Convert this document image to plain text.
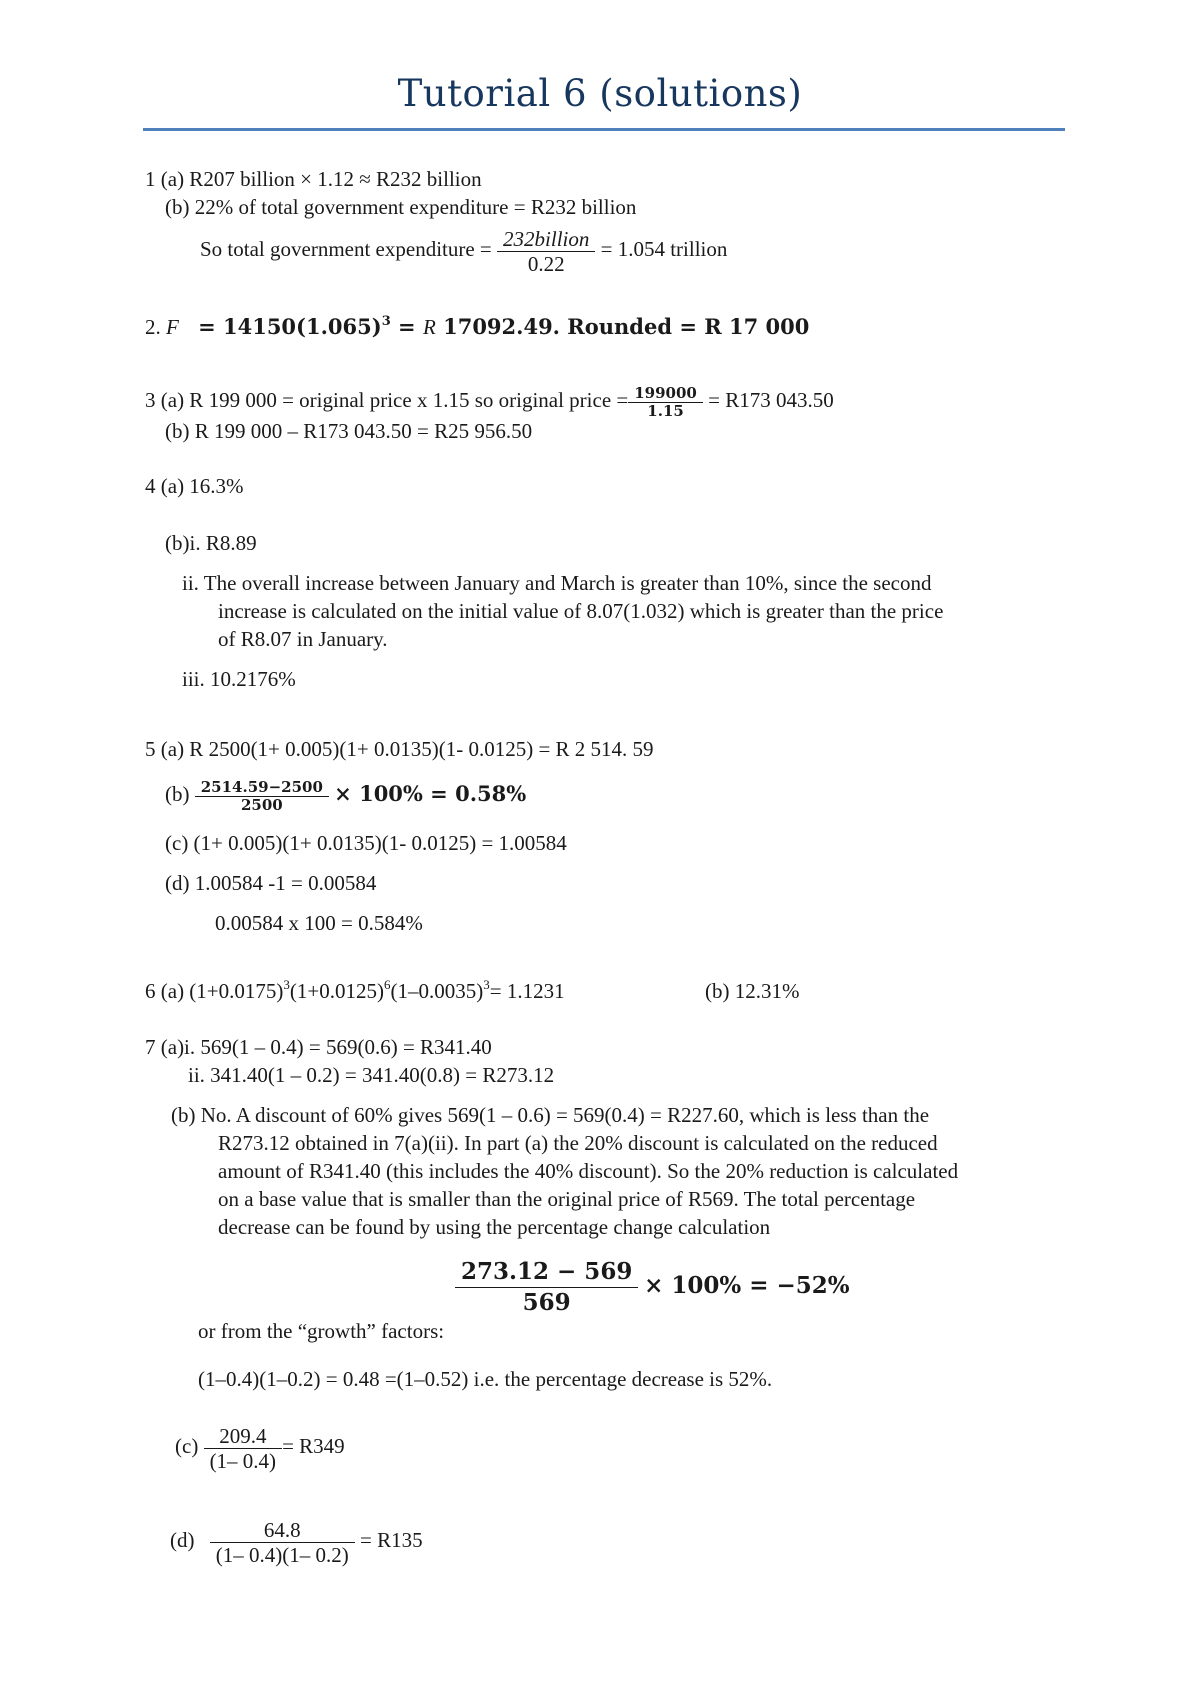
Tutorial 6 (solutions)
1 (a) R207 billion × 1.12 ≈ R232 billion
(b) 22% of total government expenditure = R232 billion
So total government expenditure = $\frac{\text{232billion}}{0.22} = 1.054$ trillion
2. $F = 14150(1.065)^3 = R$ 17092.49. Rounded = R 17 000
3 (a) R 199 000 = original price x 1.15 so original price = $\frac{199000}{1.15} = R173$ 043.50
(b) R 199 000 – R173 043.50 = R25 956.50
4 (a) 16.3%
(b)i. R8.89
ii. The overall increase between January and March is greater than 10%, since the second
increase is calculated on the initial value of 8.07(1.032) which is greater than the price
of R8.07 in January.
iii. 10.2176%
5 (a) R 2500(1+ 0.005)(1+ 0.0135)(1- 0.0125) = R 2 514. 59
$(b) \frac{2514.59-2500}{2500} \times 100\% = 0.58\%$
(c) (1+ 0.005)(1+ 0.0135)(1- 0.0125) = 1.00584
(d) 1.00584 -1 = 0.00584
0.00584 x 100 = 0.584%
6 (a) $(1+0.0175)^3(1+0.0125)^6(1-0.0035)^3= 1.1231$	(b) 12.31%
7 (a)i. 569(1 – 0.4) = 569(0.6) = R341.40
ii. 341.40(1 – 0.2) = 341.40(0.8) = R273.12
(b) No. A discount of 60% gives 569(1 – 0.6) = 569(0.4) = R227.60, which is less than the
R273.12 obtained in 7(a)(ii). In part (a) the 20% discount is calculated on the reduced
amount of R341.40 (this includes the 40% discount). So the 20% reduction is calculated
on a base value that is smaller than the original price of R569. The total percentage
decrease can be found by using the percentage change calculation
$\frac{273.12 - 569}{569} \times 100\% = -52\%$
or from the “growth” factors:
(1–0.4)(1–0.2) = 0.48 =(1–0.52) i.e. the percentage decrease is 52%.
$(c) \frac{209.4}{(1- 0.4)} = R349$
$(d) \frac{64.8}{(1- 0.4)(1- 0.2)} = R135$
